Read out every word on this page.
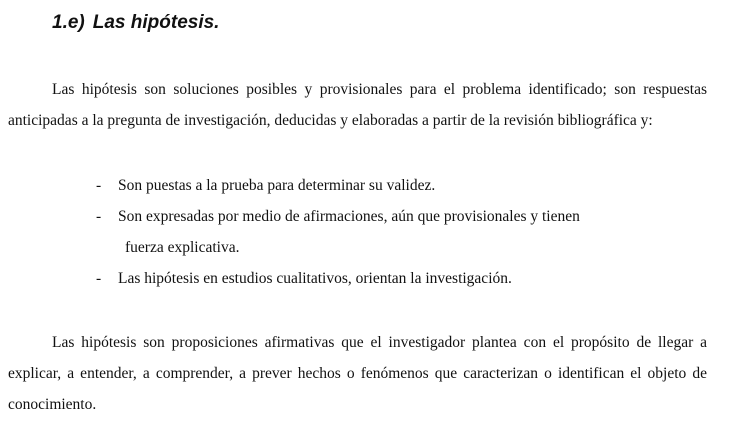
1.e) Las hipótesis.

Las hipótesis son soluciones posibles y provisionales para el problema identificado; son respuestas anticipadas a la pregunta de investigación, deducidas y elaboradas a partir de la revisión bibliográfica y:

- Son puestas a la prueba para determinar su validez.
- Son expresadas por medio de afirmaciones, aún que provisionales y tienen
fuerza explicativa.
- Las hipótesis en estudios cualitativos, orientan la investigación.

Las hipótesis son proposiciones afirmativas que el investigador plantea con el propósito de llegar a explicar, a entender, a comprender, a prever hechos o fenómenos que caracterizan o identifican el objeto de conocimiento.
